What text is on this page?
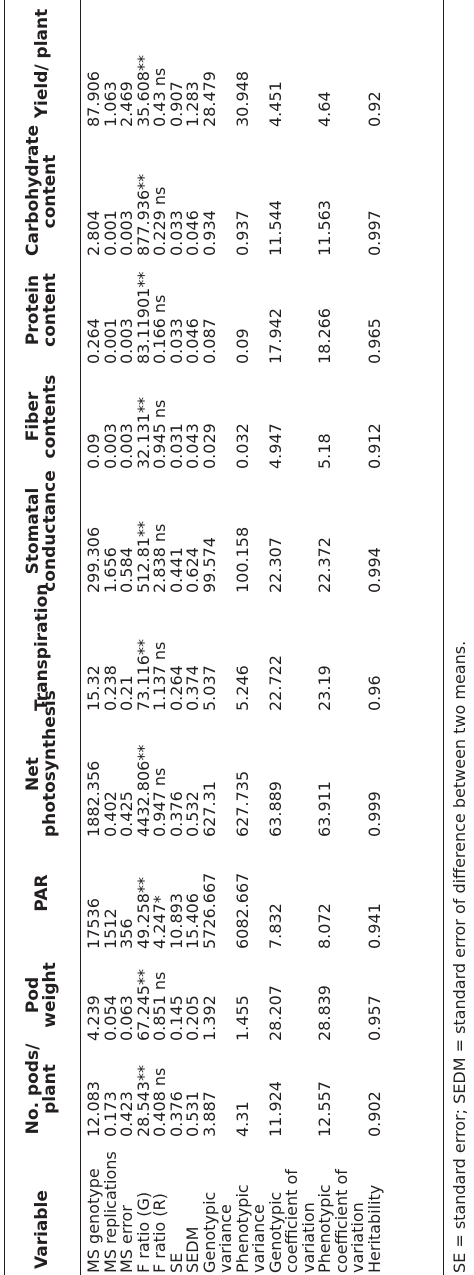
Variable	No. pods/ plant	Pod weight	PAR	Net photosynthesis	Transpiration	Stomatal conductance	Fiber contents	Protein content	Carbohydrate content	Yield/ plant
MS genotype	12.083	4.239	17536	1882.356	15.32	299.306	0.09	0.264	2.804	87.906
MS replications	0.173	0.054	1512	0.402	0.238	1.656	0.003	0.001	0.001	1.063
MS error	0.423	0.063	356	0.425	0.21	0.584	0.003	0.003	0.003	2.469
F ratio (G)	28.543**	67.245**	49.258**	4432.806**	73.116**	512.81**	32.131**	83.11901**	877.936**	35.608**
F ratio (R)	0.408 ns	0.851 ns	4.247*	0.947 ns	1.137 ns	2.838 ns	0.945 ns	0.166 ns	0.229 ns	0.43 ns
SE	0.376	0.145	10.893	0.376	0.264	0.441	0.031	0.033	0.033	0.907
SEDM	0.531	0.205	15.406	0.532	0.374	0.624	0.043	0.046	0.046	1.283
Genotypic variance	3.887	1.392	5726.667	627.31	5.037	99.574	0.029	0.087	0.934	28.479
Phenotypic variance	4.31	1.455	6082.667	627.735	5.246	100.158	0.032	0.09	0.937	30.948
Genotypic coefficient of variation	11.924	28.207	7.832	63.889	22.722	22.307	4.947	17.942	11.544	4.451
Phenotypic coefficient of variation	12.557	28.839	8.072	63.911	23.19	22.372	5.18	18.266	11.563	4.64
Heritability	0.902	0.957	0.941	0.999	0.96	0.994	0.912	0.965	0.997	0.92
SE = standard error; SEDM = standard error of difference between two means.
